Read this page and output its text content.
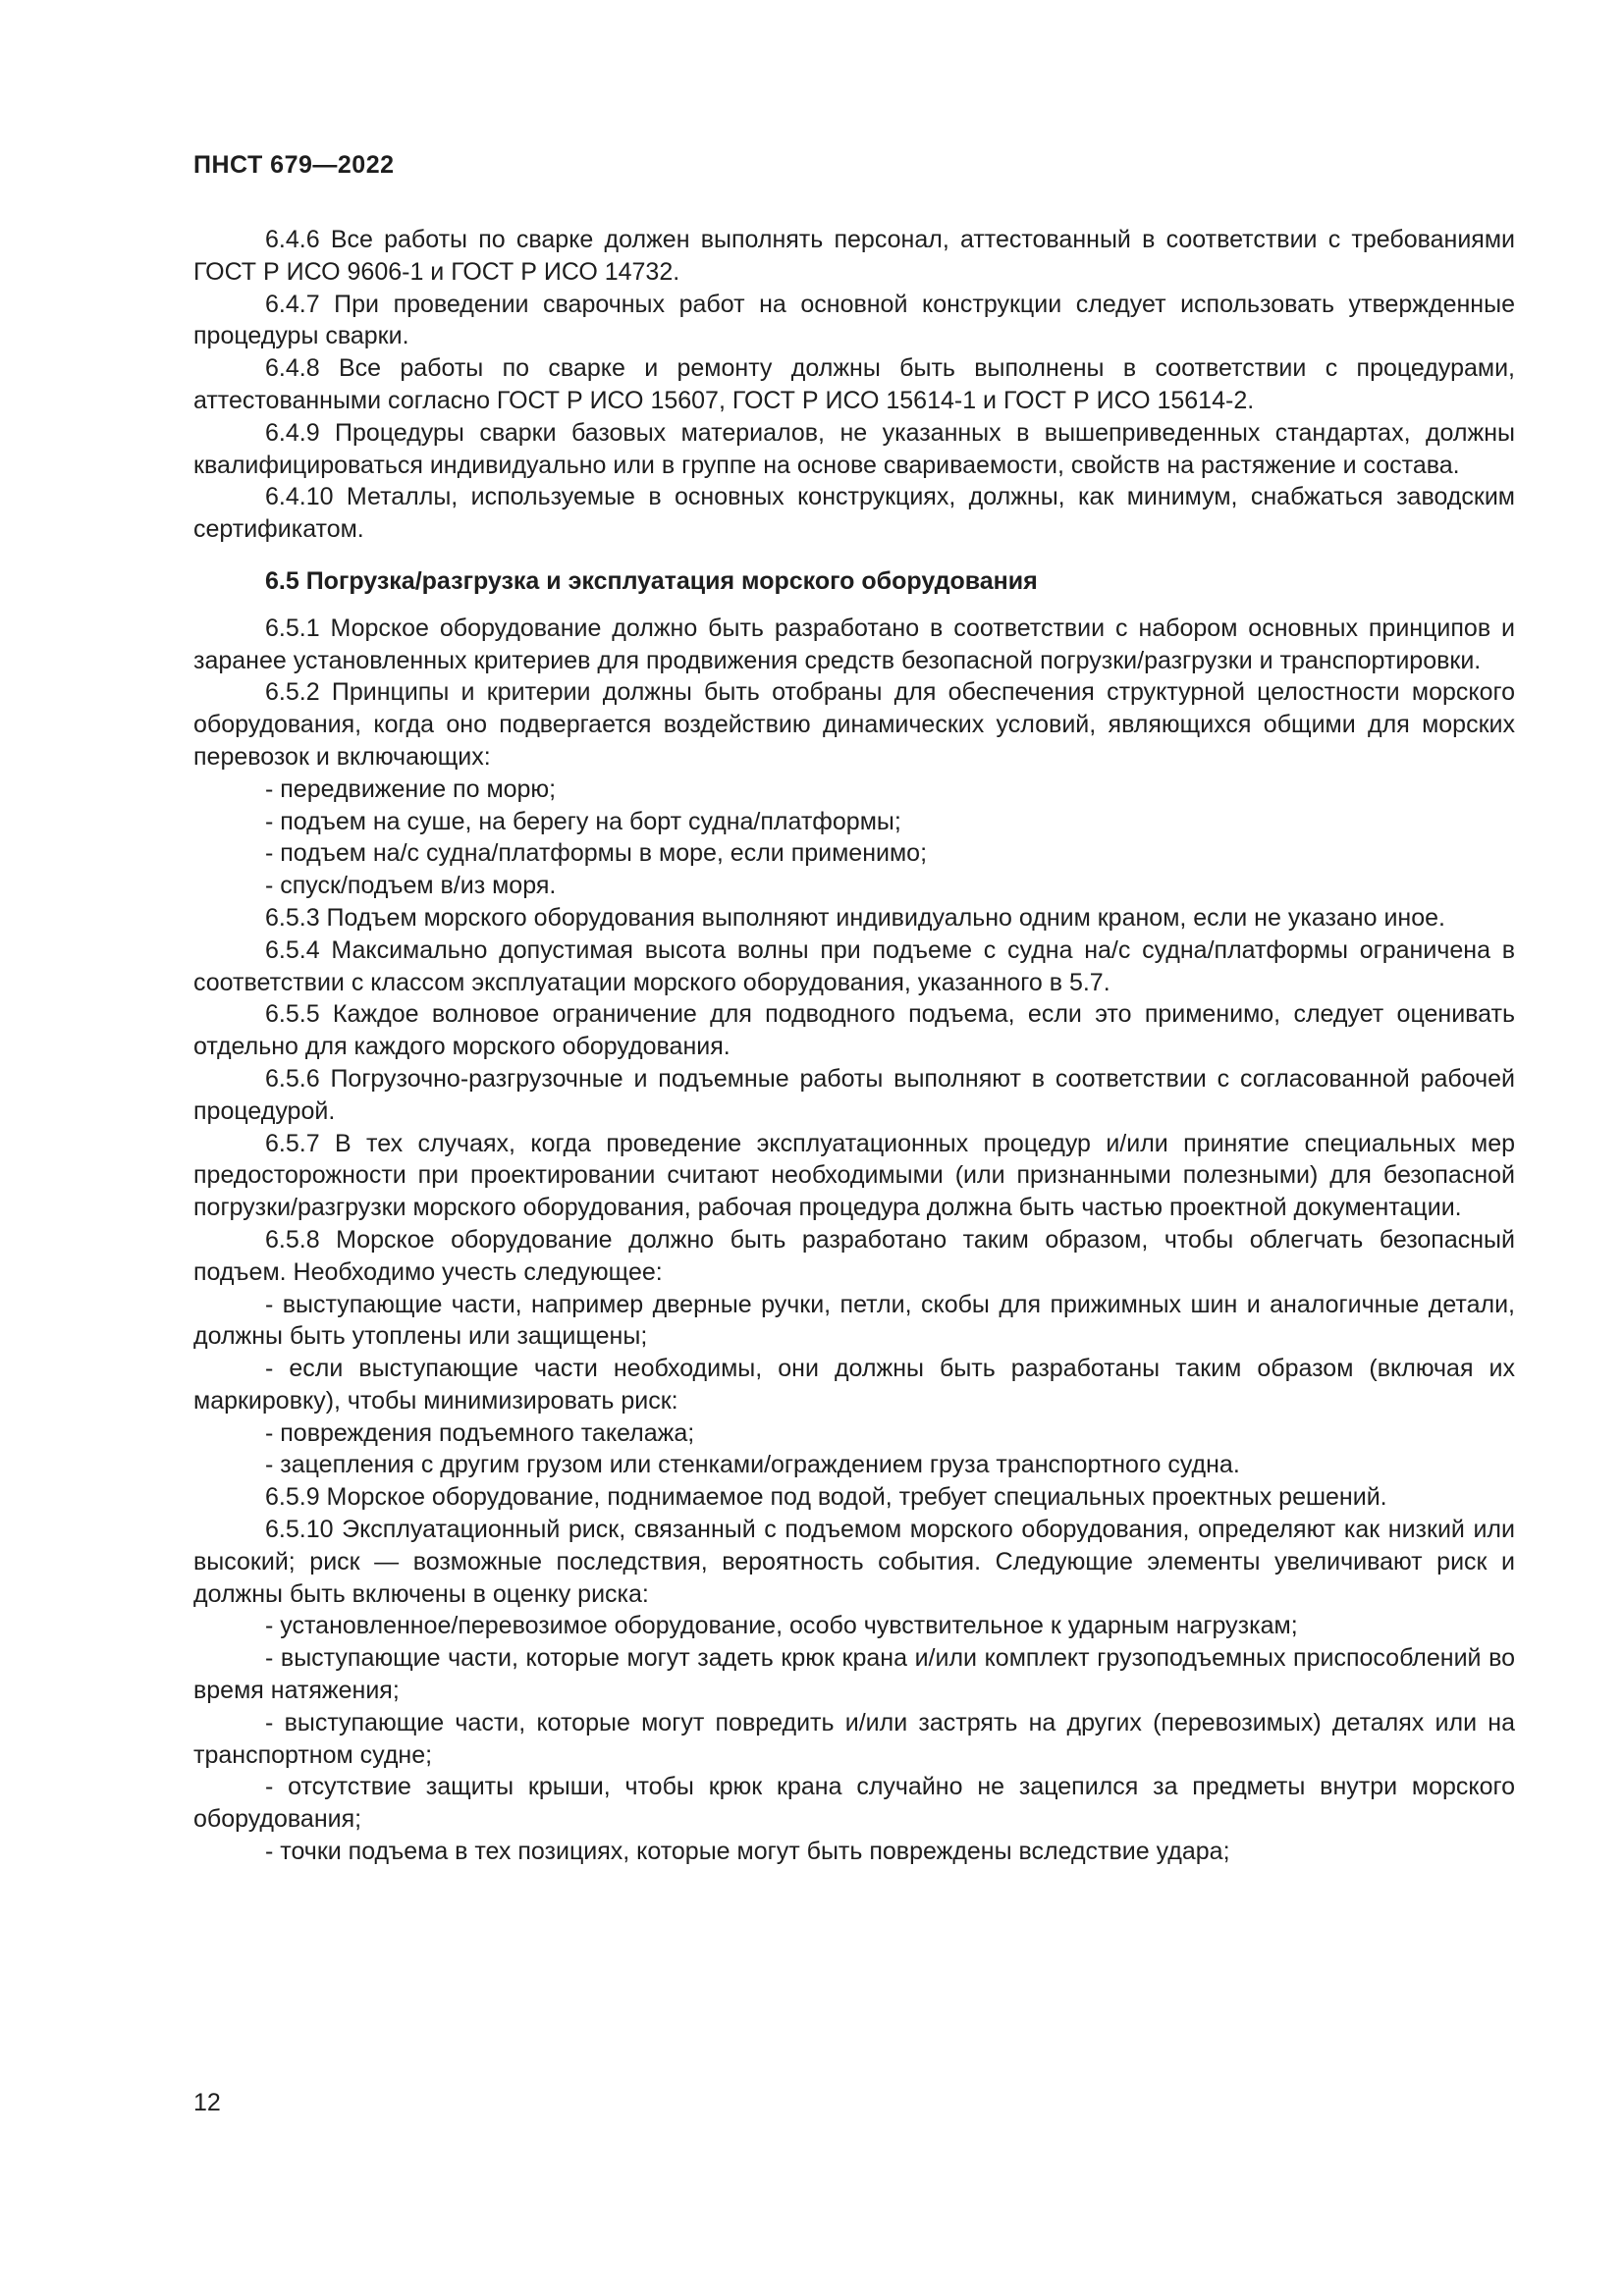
ПНСТ 679—2022

6.4.6 Все работы по сварке должен выполнять персонал, аттестованный в соответствии с требованиями ГОСТ Р ИСО 9606-1 и ГОСТ Р ИСО 14732.

6.4.7 При проведении сварочных работ на основной конструкции следует использовать утвержденные процедуры сварки.

6.4.8 Все работы по сварке и ремонту должны быть выполнены в соответствии с процедурами, аттестованными согласно ГОСТ Р ИСО 15607, ГОСТ Р ИСО 15614-1 и ГОСТ Р ИСО 15614-2.

6.4.9 Процедуры сварки базовых материалов, не указанных в вышеприведенных стандартах, должны квалифицироваться индивидуально или в группе на основе свариваемости, свойств на растяжение и состава.

6.4.10 Металлы, используемые в основных конструкциях, должны, как минимум, снабжаться заводским сертификатом.

6.5 Погрузка/разгрузка и эксплуатация морского оборудования

6.5.1 Морское оборудование должно быть разработано в соответствии с набором основных принципов и заранее установленных критериев для продвижения средств безопасной погрузки/разгрузки и транспортировки.

6.5.2 Принципы и критерии должны быть отобраны для обеспечения структурной целостности морского оборудования, когда оно подвергается воздействию динамических условий, являющихся общими для морских перевозок и включающих:

- передвижение по морю;

- подъем на суше, на берегу на борт судна/платформы;

- подъем на/с судна/платформы в море, если применимо;

- спуск/подъем в/из моря.

6.5.3 Подъем морского оборудования выполняют индивидуально одним краном, если не указано иное.

6.5.4 Максимально допустимая высота волны при подъеме с судна на/с судна/платформы ограничена в соответствии с классом эксплуатации морского оборудования, указанного в 5.7.

6.5.5 Каждое волновое ограничение для подводного подъема, если это применимо, следует оценивать отдельно для каждого морского оборудования.

6.5.6 Погрузочно-разгрузочные и подъемные работы выполняют в соответствии с согласованной рабочей процедурой.

6.5.7 В тех случаях, когда проведение эксплуатационных процедур и/или принятие специальных мер предосторожности при проектировании считают необходимыми (или признанными полезными) для безопасной погрузки/разгрузки морского оборудования, рабочая процедура должна быть частью проектной документации.

6.5.8 Морское оборудование должно быть разработано таким образом, чтобы облегчать безопасный подъем. Необходимо учесть следующее:

- выступающие части, например дверные ручки, петли, скобы для прижимных шин и аналогичные детали, должны быть утоплены или защищены;

- если выступающие части необходимы, они должны быть разработаны таким образом (включая их маркировку), чтобы минимизировать риск:

- повреждения подъемного такелажа;

- зацепления с другим грузом или стенками/ограждением груза транспортного судна.

6.5.9 Морское оборудование, поднимаемое под водой, требует специальных проектных решений.

6.5.10 Эксплуатационный риск, связанный с подъемом морского оборудования, определяют как низкий или высокий; риск — возможные последствия, вероятность события. Следующие элементы увеличивают риск и должны быть включены в оценку риска:

- установленное/перевозимое оборудование, особо чувствительное к ударным нагрузкам;

- выступающие части, которые могут задеть крюк крана и/или комплект грузоподъемных приспособлений во время натяжения;

- выступающие части, которые могут повредить и/или застрять на других (перевозимых) деталях или на транспортном судне;

- отсутствие защиты крыши, чтобы крюк крана случайно не зацепился за предметы внутри морского оборудования;

- точки подъема в тех позициях, которые могут быть повреждены вследствие удара;

12
